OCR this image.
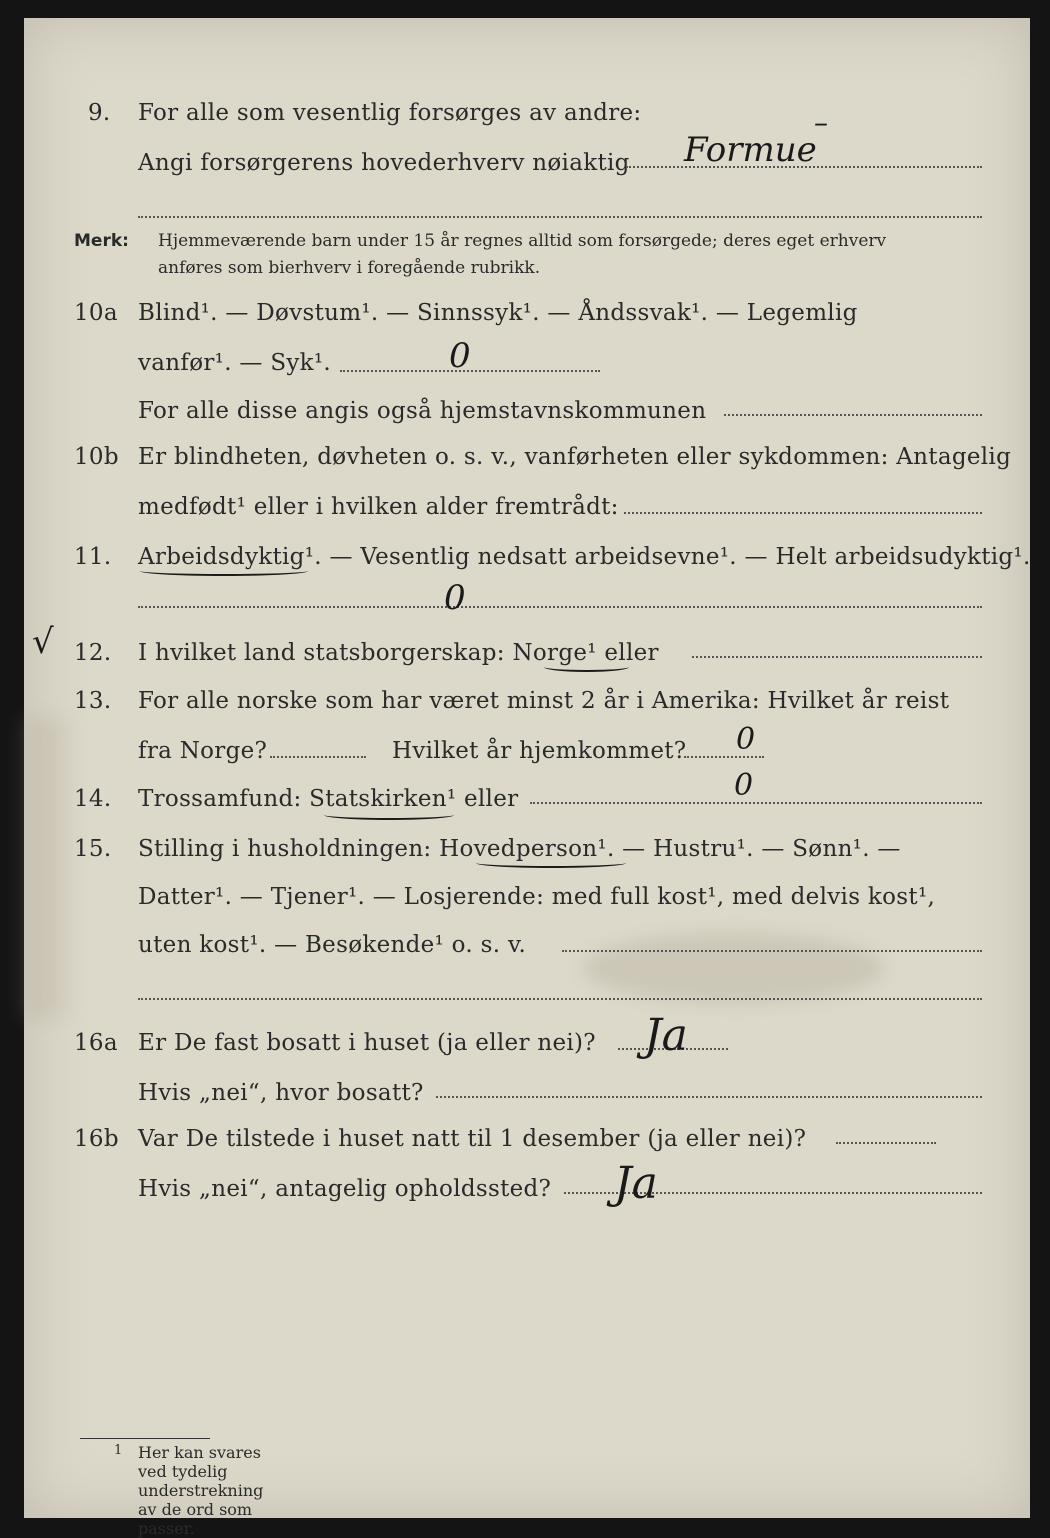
9.	For alle som vesentlig forsørges av andre:	–
Angi forsørgerens hovederhverv nøiaktig Formue
Merk: Hjemmeværende barn under 15 år regnes alltid som forsørgede; deres eget erhverv
anføres som bierhverv i foregående rubrikk.
10a Blind¹. — Døvstum¹. — Sinnssyk¹. — Åndssvak¹. — Legemlig
vanfør¹. — Syk¹.	0
For alle disse angis også hjemstavnskommunen
10b Er blindheten, døvheten o. s. v., vanførheten eller sykdommen: Antagelig
medfødt¹ eller i hvilken alder fremtrådt:
11.	Arbeidsdyktig¹. — Vesentlig nedsatt arbeidsevne¹. — Helt arbeidsudyktig¹.
0
√ 12.	I hvilket land statsborgerskap: Norge¹ eller
13.	For alle norske som har været minst 2 år i Amerika: Hvilket år reist
fra Norge?	Hvilket år hjemkommet? 0
14.	Trossamfund: Statskirken¹ eller	0
15.	Stilling i husholdningen: Hovedperson¹. — Hustru¹. — Sønn¹. —
Datter¹. — Tjener¹. — Losjerende: med full kost¹, med delvis kost¹,
uten kost¹. — Besøkende¹ o. s. v.
16a Er De fast bosatt i huset (ja eller nei)? Ja
Hvis „nei“, hvor bosatt?
16b Var De tilstede i huset natt til 1 desember (ja eller nei)?
Hvis „nei“, antagelig opholdssted? Ja
1 Her kan svares ved tydelig understrekning av de ord som passer.
